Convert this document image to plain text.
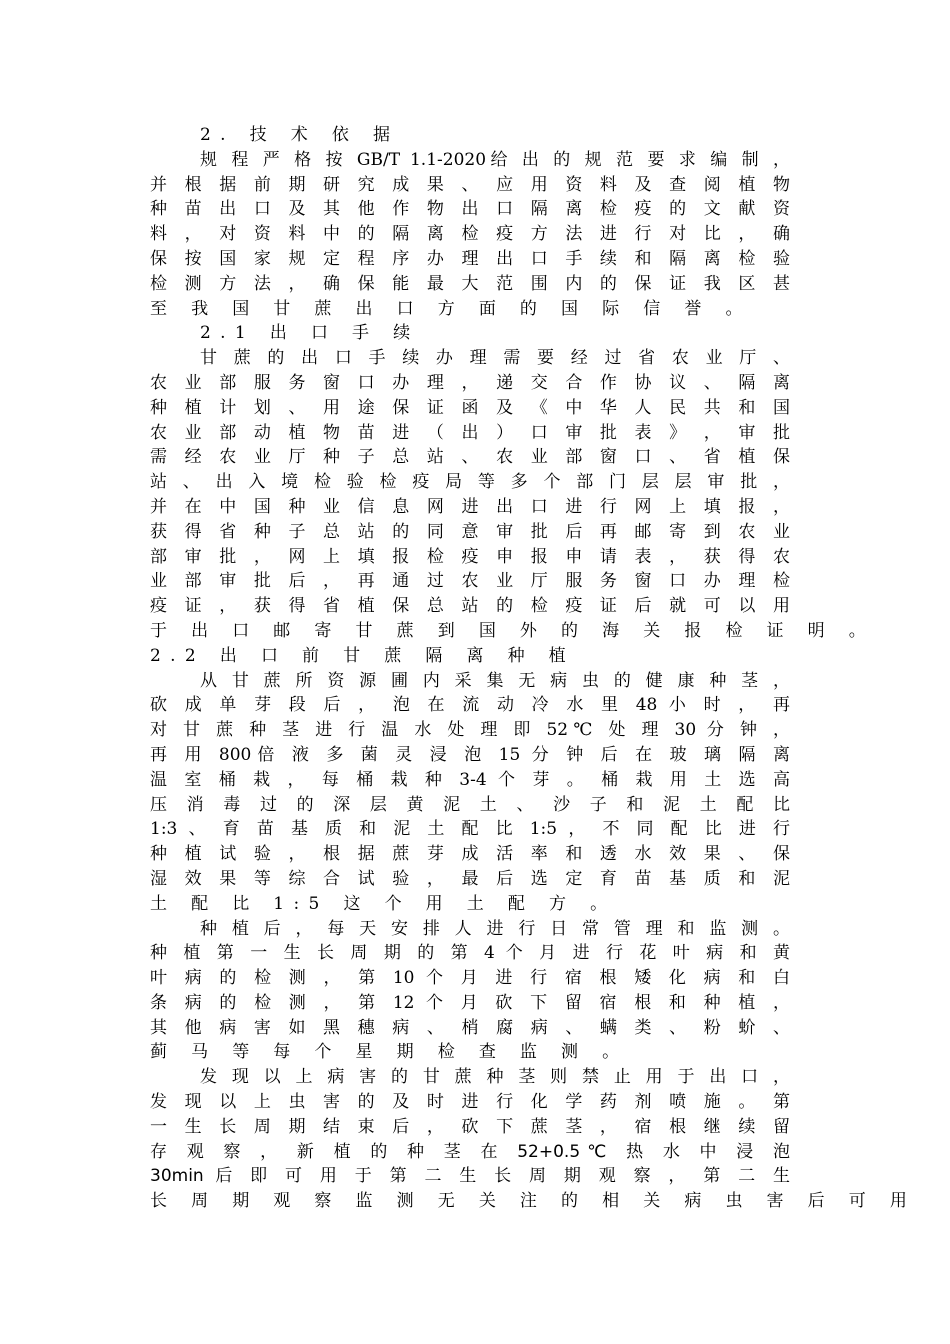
2. 技 术 依 据
规 程 严 格 按 GB/T 1.1-2020给 出 的 规 范 要 求 编 制 ，
并 根 据 前 期 研 究 成 果 、 应 用 资 料 及 查 阅 植 物
种 苗 出 口 及 其 他 作 物 出 口 隔 离 检 疫 的 文 献 资
料 ， 对 资 料 中 的 隔 离 检 疫 方 法 进 行 对 比 ， 确
保 按 国 家 规 定 程 序 办 理 出 口 手 续 和 隔 离 检 验
检 测 方 法 ， 确 保 能 最 大 范 围 内 的 保 证 我 区 甚
至 我 国 甘 蔗 出 口 方 面 的 国 际 信 誉 。
2.1 出 口 手 续
甘 蔗 的 出 口 手 续 办 理 需 要 经 过 省 农 业 厅 、
农 业 部 服 务 窗 口 办 理 ， 递 交 合 作 协 议 、 隔 离
种 植 计 划 、 用 途 保 证 函 及 《 中 华 人 民 共 和 国
农 业 部 动 植 物 苗 进 （ 出 ） 口 审 批 表 》 ， 审 批
需 经 农 业 厅 种 子 总 站 、 农 业 部 窗 口 、 省 植 保
站 、 出 入 境 检 验 检 疫 局 等 多 个 部 门 层 层 审 批 ，
并 在 中 国 种 业 信 息 网 进 出 口 进 行 网 上 填 报 ，
获 得 省 种 子 总 站 的 同 意 审 批 后 再 邮 寄 到 农 业
部 审 批 ， 网 上 填 报 检 疫 申 报 申 请 表 ， 获 得 农
业 部 审 批 后 ， 再 通 过 农 业 厅 服 务 窗 口 办 理 检
疫 证 ， 获 得 省 植 保 总 站 的 检 疫 证 后 就 可 以 用
于 出 口 邮 寄 甘 蔗 到 国 外 的 海 关 报 检 证 明 。
2.2 出 口 前 甘 蔗 隔 离 种 植
从 甘 蔗 所 资 源 圃 内 采 集 无 病 虫 的 健 康 种 茎 ，
砍 成 单 芽 段 后 ， 泡 在 流 动 冷 水 里 48 小 时 ， 再
对 甘 蔗 种 茎 进 行 温 水 处 理 即 52℃ 处 理 30 分 钟 ，
再 用 800倍 液 多 菌 灵 浸 泡 15 分 钟 后 在 玻 璃 隔 离
温 室 桶 栽 ， 每 桶 栽 种 3-4 个 芽 。 桶 栽 用 土 选 高
压 消 毒 过 的 深 层 黄 泥 土 、 沙 子 和 泥 土 配 比
1:3 、 育 苗 基 质 和 泥 土 配 比 1:5 ， 不 同 配 比 进 行
种 植 试 验 ， 根 据 蔗 芽 成 活 率 和 透 水 效 果 、 保
湿 效 果 等 综 合 试 验 ， 最 后 选 定 育 苗 基 质 和 泥
土 配 比 1:5 这 个 用 土 配 方 。
种 植 后 ， 每 天 安 排 人 进 行 日 常 管 理 和 监 测 。
种 植 第 一 生 长 周 期 的 第 4 个 月 进 行 花 叶 病 和 黄
叶 病 的 检 测 ， 第 10 个 月 进 行 宿 根 矮 化 病 和 白
条 病 的 检 测 ， 第 12 个 月 砍 下 留 宿 根 和 种 植 ，
其 他 病 害 如 黑 穗 病 、 梢 腐 病 、 螨 类 、 粉 蚧 、
蓟 马 等 每 个 星 期 检 查 监 测 。
发 现 以 上 病 害 的 甘 蔗 种 茎 则 禁 止 用 于 出 口 ，
发 现 以 上 虫 害 的 及 时 进 行 化 学 药 剂 喷 施 。 第
一 生 长 周 期 结 束 后 ， 砍 下 蔗 茎 ， 宿 根 继 续 留
存 观 察 ， 新 植 的 种 茎 在 52+0.5℃ 热 水 中 浸 泡
30min 后 即 可 用 于 第 二 生 长 周 期 观 察 ， 第 二 生
长 周 期 观 察 监 测 无 关 注 的 相 关 病 虫 害 后 可 用
